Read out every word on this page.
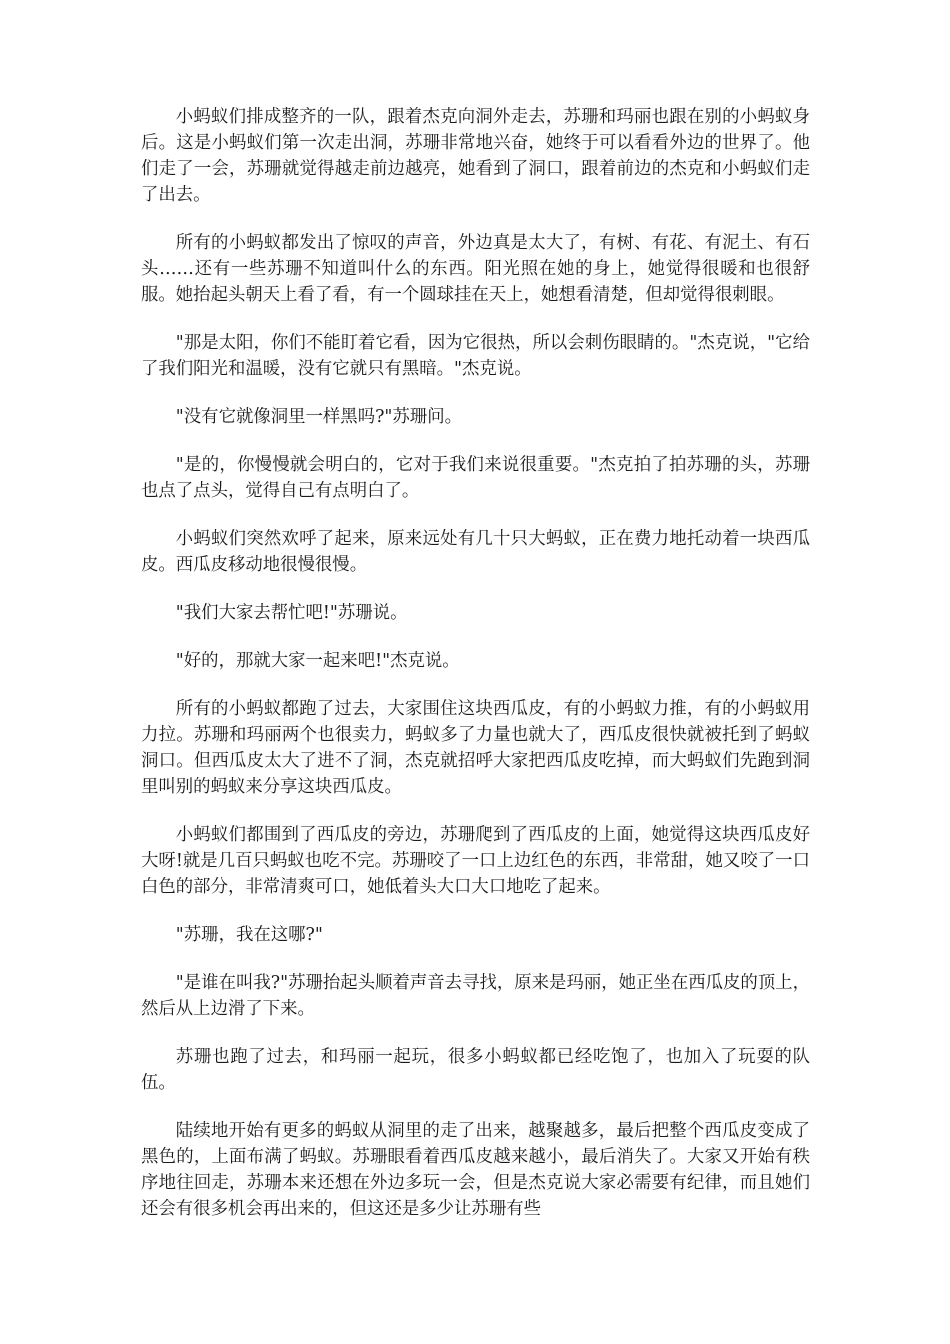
小蚂蚁们排成整齐的一队，跟着杰克向洞外走去，苏珊和玛丽也跟在别的小蚂蚁身后。这是小蚂蚁们第一次走出洞，苏珊非常地兴奋，她终于可以看看外边的世界了。他们走了一会，苏珊就觉得越走前边越亮，她看到了洞口，跟着前边的杰克和小蚂蚁们走了出去。

所有的小蚂蚁都发出了惊叹的声音，外边真是太大了，有树、有花、有泥土、有石头……还有一些苏珊不知道叫什么的东西。阳光照在她的身上，她觉得很暖和也很舒服。她抬起头朝天上看了看，有一个圆球挂在天上，她想看清楚，但却觉得很刺眼。

"那是太阳，你们不能盯着它看，因为它很热，所以会刺伤眼睛的。"杰克说，"它给了我们阳光和温暖，没有它就只有黑暗。"杰克说。

"没有它就像洞里一样黑吗?"苏珊问。

"是的，你慢慢就会明白的，它对于我们来说很重要。"杰克拍了拍苏珊的头，苏珊也点了点头，觉得自己有点明白了。

小蚂蚁们突然欢呼了起来，原来远处有几十只大蚂蚁，正在费力地托动着一块西瓜皮。西瓜皮移动地很慢很慢。

"我们大家去帮忙吧!"苏珊说。

"好的，那就大家一起来吧!"杰克说。

所有的小蚂蚁都跑了过去，大家围住这块西瓜皮，有的小蚂蚁力推，有的小蚂蚁用力拉。苏珊和玛丽两个也很卖力，蚂蚁多了力量也就大了，西瓜皮很快就被托到了蚂蚁洞口。但西瓜皮太大了进不了洞，杰克就招呼大家把西瓜皮吃掉，而大蚂蚁们先跑到洞里叫别的蚂蚁来分享这块西瓜皮。

小蚂蚁们都围到了西瓜皮的旁边，苏珊爬到了西瓜皮的上面，她觉得这块西瓜皮好大呀!就是几百只蚂蚁也吃不完。苏珊咬了一口上边红色的东西，非常甜，她又咬了一口白色的部分，非常清爽可口，她低着头大口大口地吃了起来。

"苏珊，我在这哪?"

"是谁在叫我?"苏珊抬起头顺着声音去寻找，原来是玛丽，她正坐在西瓜皮的顶上，然后从上边滑了下来。

苏珊也跑了过去，和玛丽一起玩，很多小蚂蚁都已经吃饱了，也加入了玩耍的队伍。

陆续地开始有更多的蚂蚁从洞里的走了出来，越聚越多，最后把整个西瓜皮变成了黑色的，上面布满了蚂蚁。苏珊眼看着西瓜皮越来越小，最后消失了。大家又开始有秩序地往回走，苏珊本来还想在外边多玩一会，但是杰克说大家必需要有纪律，而且她们还会有很多机会再出来的，但这还是多少让苏珊有些
